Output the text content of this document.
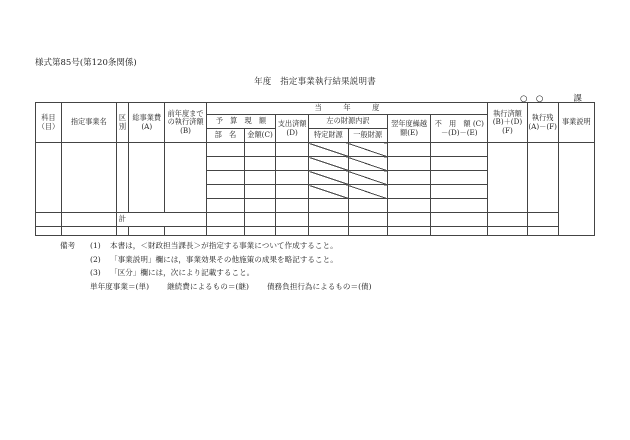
様式第85号(第120条関係)
年度　指定事業執行結果説明書
○　○	課
科目（目）	指定事業名	区別	総事業費(A)	前年度までの執行済額(B)	当　　　年　　　度							執行済額 (B)＋(D)(F)	執行残 (A)－(F)	事業説明
					予　算　現　額		支出済額(D)	左の財源内訳		翌年度繰越額(E)	不　用　額 (C)－(D)－(E)			
					部　名	金額(C)		特定財源	一般財源					

		計												

備考 (1) 本書は，＜財政担当課長＞が指定する事業について作成すること。
(2) 「事業説明」欄には，事業効果その他施策の成果を略記すること。
(3) 「区分」欄には，次により記載すること。
単年度事業＝(単) 継続費によるもの＝(継) 債務負担行為によるもの＝(債)
